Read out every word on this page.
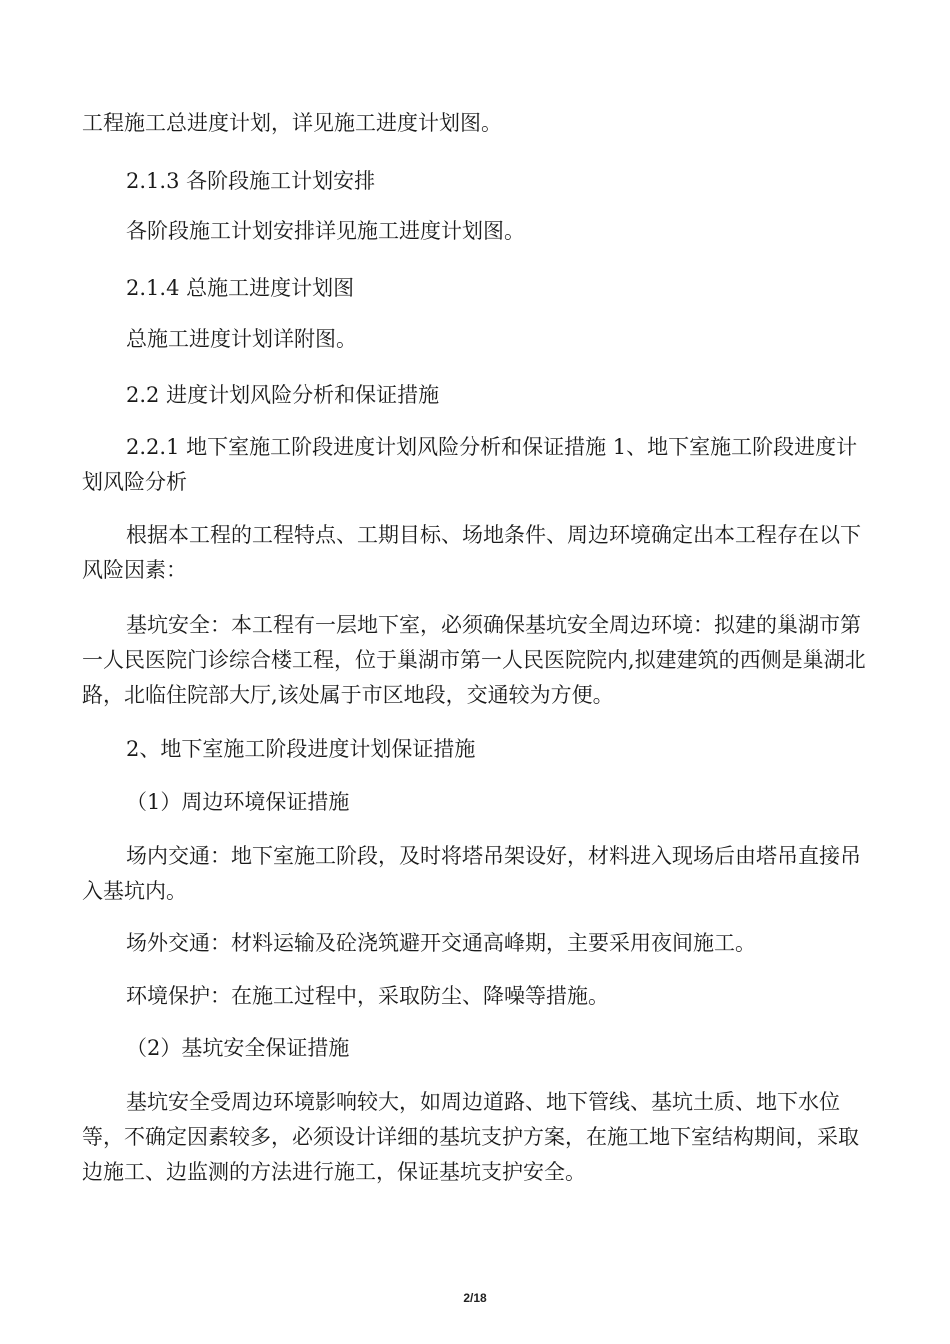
工程施工总进度计划，详见施工进度计划图。
2.1.3 各阶段施工计划安排
各阶段施工计划安排详见施工进度计划图。
2.1.4 总施工进度计划图
总施工进度计划详附图。
2.2 进度计划风险分析和保证措施
2.2.1 地下室施工阶段进度计划风险分析和保证措施 1、地下室施工阶段进度计划风险分析
根据本工程的工程特点、工期目标、场地条件、周边环境确定出本工程存在以下风险因素：
基坑安全：本工程有一层地下室，必须确保基坑安全周边环境：拟建的巢湖市第一人民医院门诊综合楼工程，位于巢湖市第一人民医院院内,拟建建筑的西侧是巢湖北路，北临住院部大厅,该处属于市区地段，交通较为方便。
2、地下室施工阶段进度计划保证措施
（1）周边环境保证措施
场内交通：地下室施工阶段，及时将塔吊架设好，材料进入现场后由塔吊直接吊入基坑内。
场外交通：材料运输及砼浇筑避开交通高峰期，主要采用夜间施工。
环境保护：在施工过程中，采取防尘、降噪等措施。
（2）基坑安全保证措施
基坑安全受周边环境影响较大，如周边道路、地下管线、基坑土质、地下水位等，不确定因素较多，必须设计详细的基坑支护方案，在施工地下室结构期间，采取边施工、边监测的方法进行施工，保证基坑支护安全。
2/18
